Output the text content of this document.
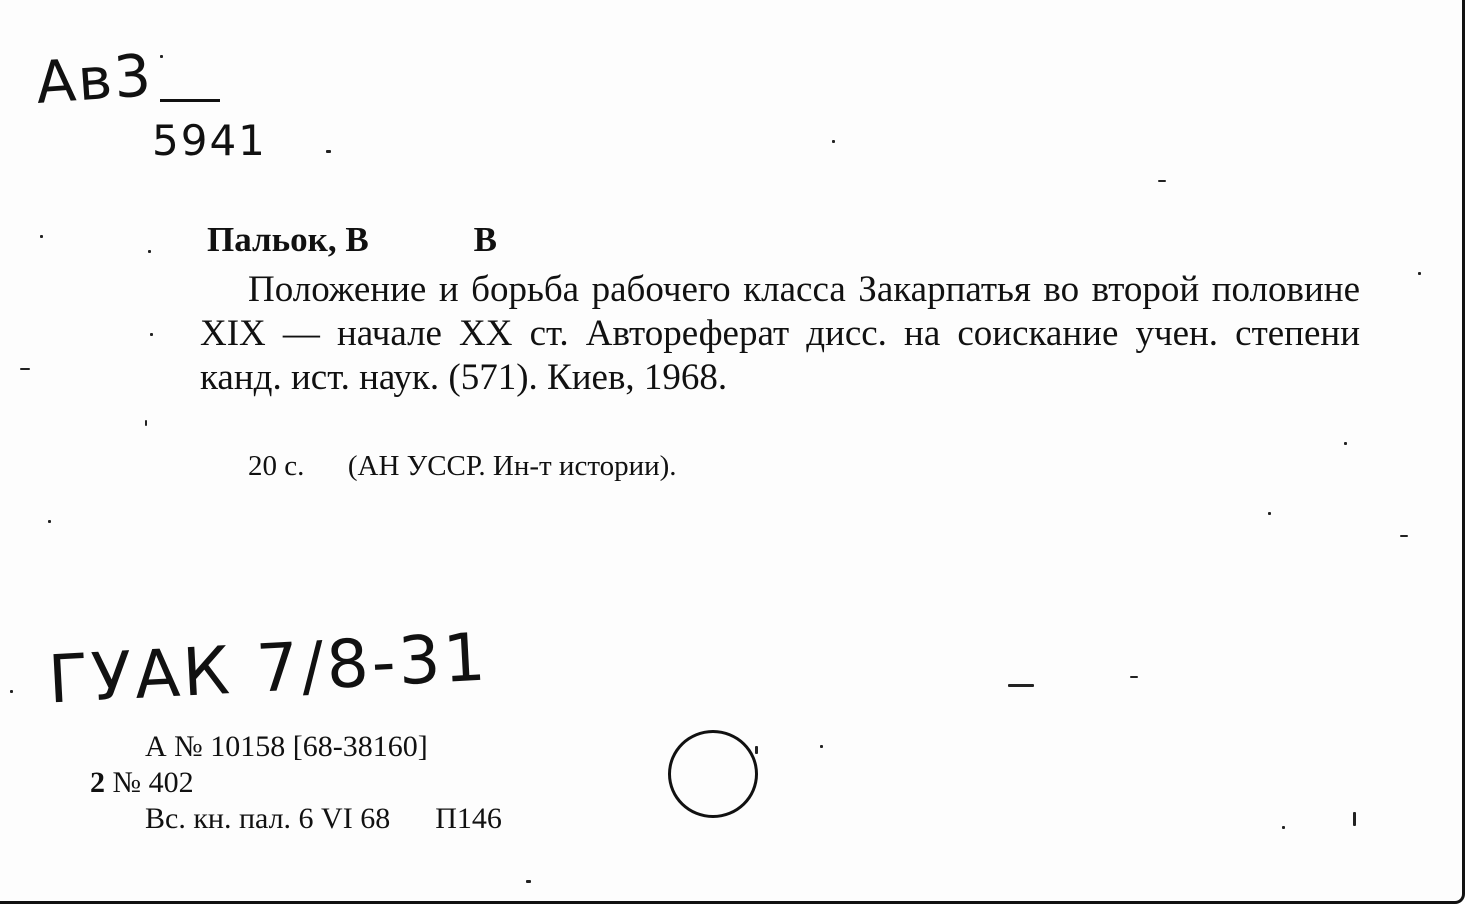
Ав3
5941
Пальок, В            В

Положение и борьба рабочего класса Закарпатья во второй половине XIX — начале XX ст. Автореферат дисс. на соискание учен. степени канд. ист. наук. (571). Киев, 1968.

20 с.      (АН УССР. Ин-т истории).
ГУАК 7/8-31
А № 10158 [68-38160]
2 № 402
Вс. кн. пал. 6 VI 68      П146
